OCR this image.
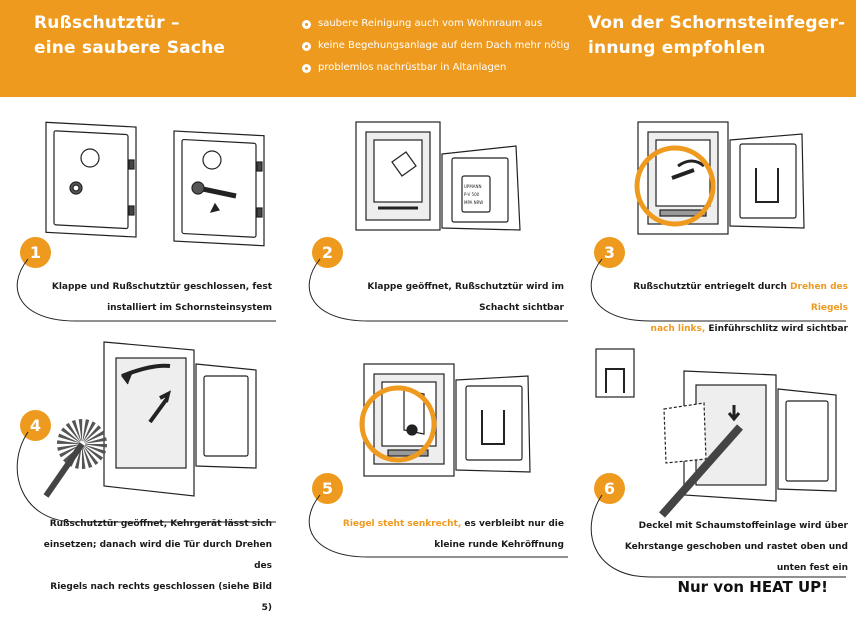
Rußschutztür –
eine saubere Sache
saubere Reinigung auch vom Wohnraum aus
keine Begehungsanlage auf dem Dach mehr nötig
problemlos nachrüstbar in Altanlagen
Von der Schornsteinfeger-
innung empfohlen
UPMANN
P-V 500
MPA NRW
1
Klappe und Rußschutztür geschlossen, fest
installiert im Schornsteinsystem
2
Klappe geöffnet, Rußschutztür wird im
Schacht sichtbar
3
Rußschutztür entriegelt durch Drehen des Riegels
nach links, Einführschlitz wird sichtbar
4
Rußschutztür geöffnet, Kehrgerät lässt sich
einsetzen; danach wird die Tür durch Drehen des
Riegels nach rechts geschlossen (siehe Bild 5)
5
Riegel steht senkrecht, es verbleibt nur die
kleine runde Kehröffnung
6
Deckel mit Schaumstoffeinlage wird über
Kehrstange geschoben und rastet oben und
unten fest ein
Nur von HEAT UP!
